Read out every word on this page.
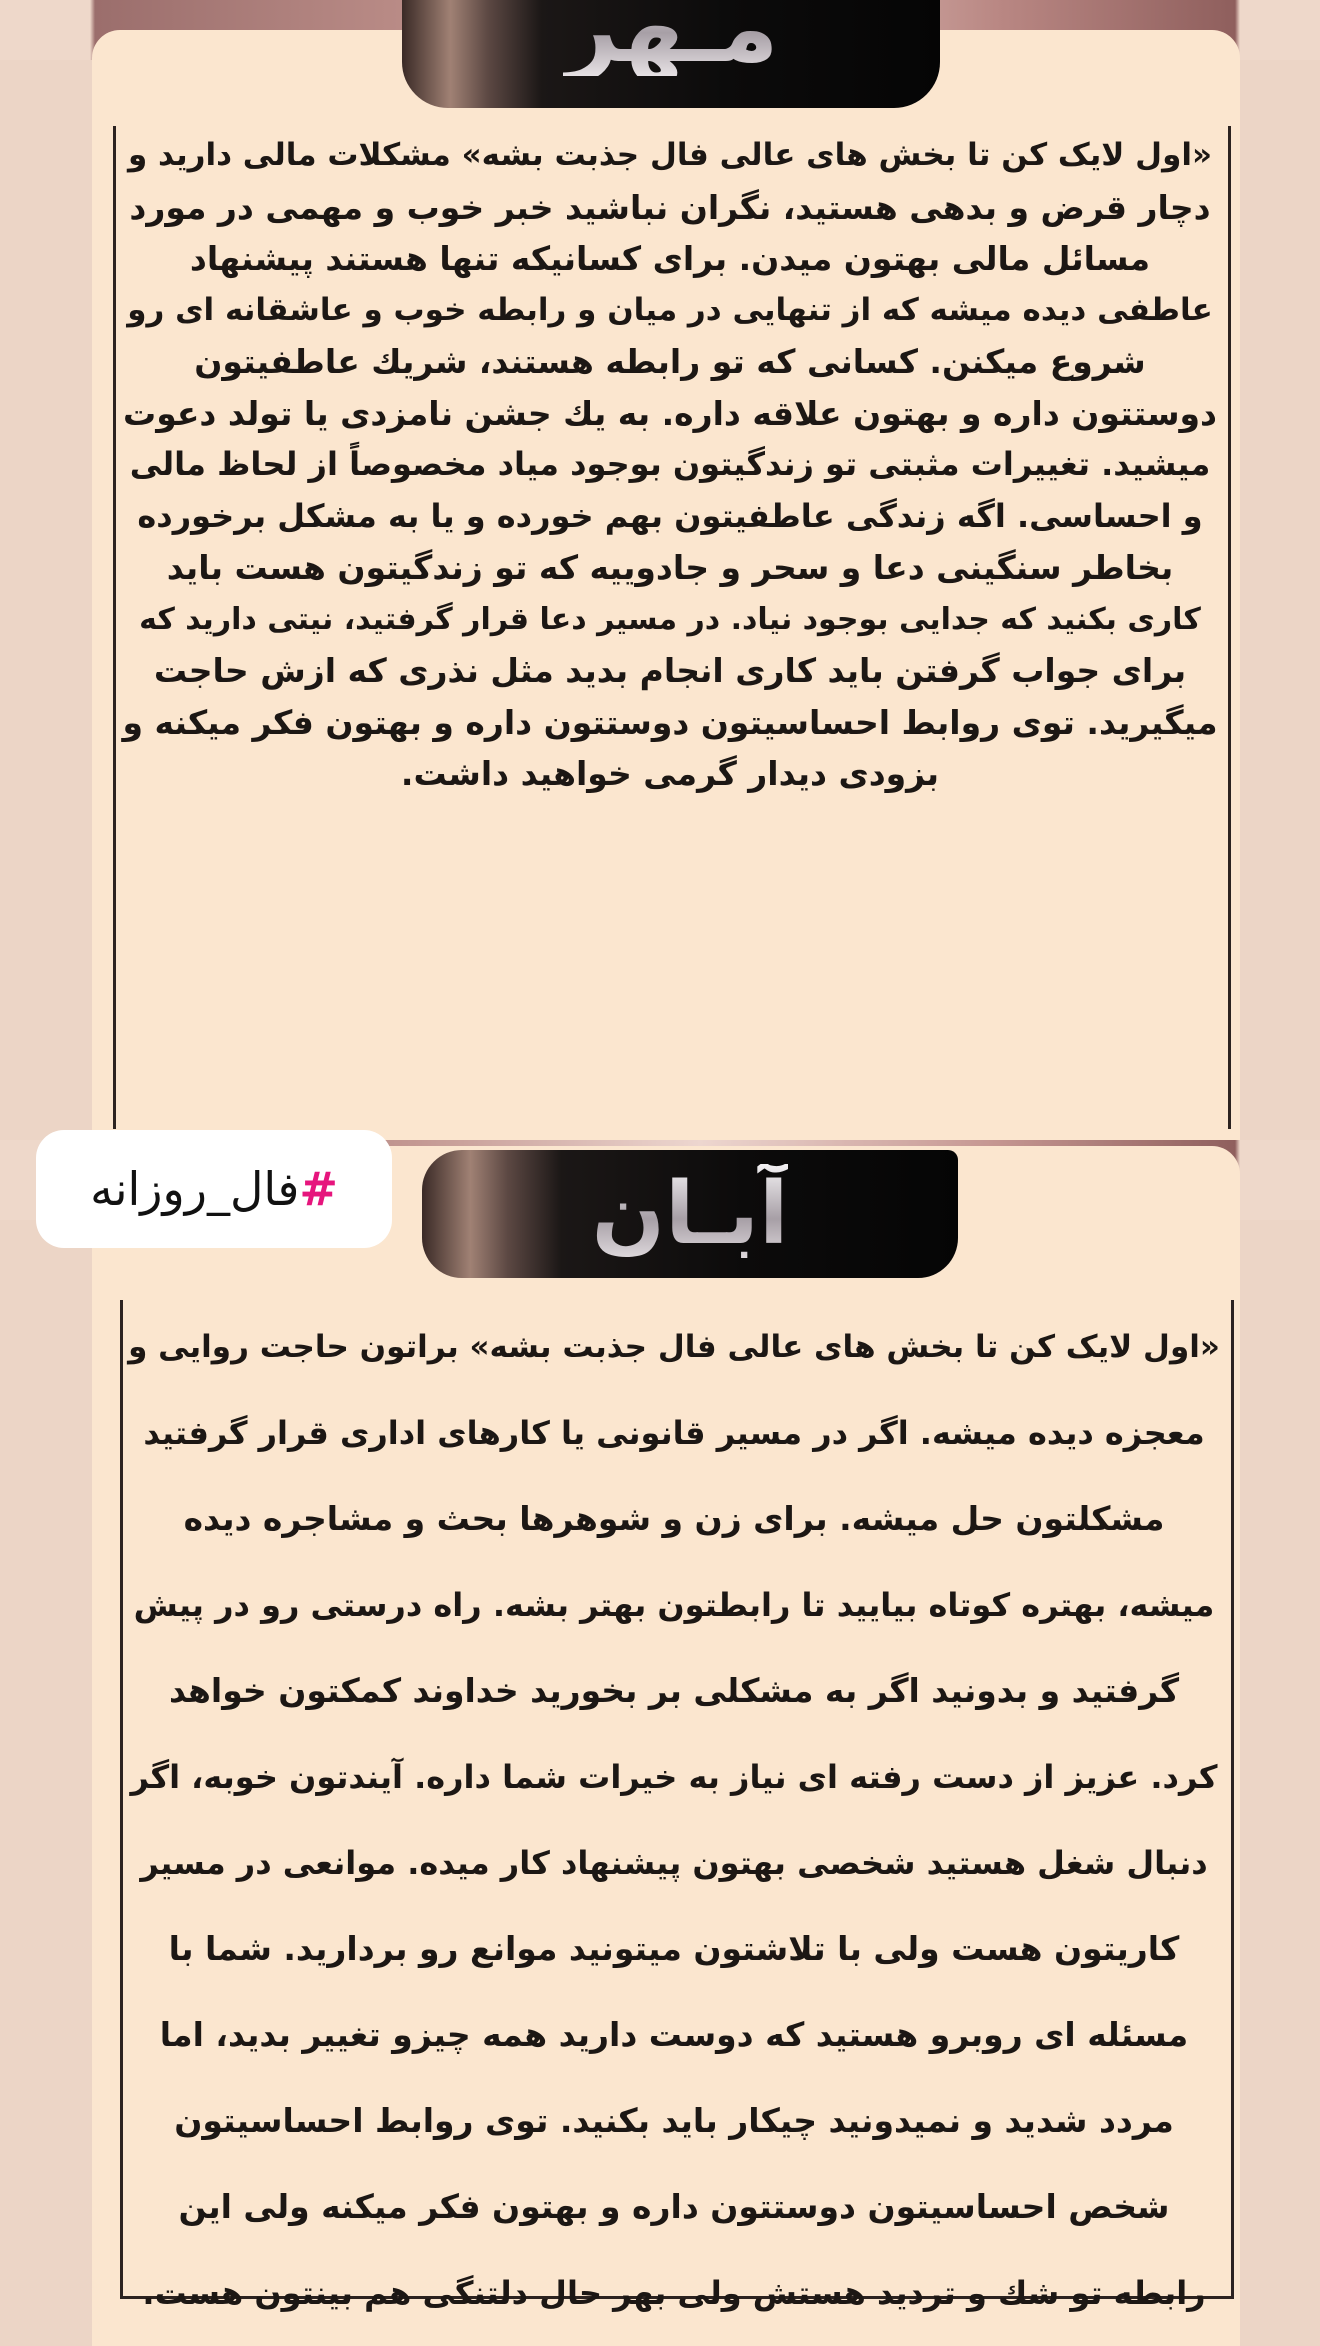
مـهر
«اول لایک کن تا بخش های عالی فال جذبت بشه» مشکلات مالی دارید و
دچار قرض و بدهی هستید، نگران نباشید خبر خوب و مهمی در مورد
مسائل مالی بهتون میدن. برای کسانیکه تنها هستند پیشنهاد
عاطفی دیده میشه که از تنهایی در میان و رابطه خوب و عاشقانه ای رو
شروع میکنن. کسانی که تو رابطه هستند، شريك عاطفیتون
دوستتون داره و بهتون علاقه داره. به يك جشن نامزدی یا تولد دعوت
میشید. تغییرات مثبتی تو زندگیتون بوجود میاد مخصوصاً از لحاظ مالی
و احساسی. اگه زندگی عاطفیتون بهم خورده و یا به مشکل برخورده
بخاطر سنگینی دعا و سحر و جادوییه که تو زندگیتون هست باید
کاری بکنید که جدایی بوجود نیاد. در مسیر دعا قرار گرفتید، نیتی دارید که
برای جواب گرفتن باید کاری انجام بدید مثل نذری که ازش حاجت
میگیرید. توی روابط احساسیتون دوستتون داره و بهتون فکر میکنه و
بزودی دیدار گرمی خواهید داشت.
آبـان
«اول لایک کن تا بخش های عالی فال جذبت بشه» براتون حاجت روایی و
معجزه دیده میشه. اگر در مسیر قانونی یا کارهای اداری قرار گرفتید
مشکلتون حل میشه. برای زن و شوهرها بحث و مشاجره دیده
میشه، بهتره کوتاه بیایید تا رابطتون بهتر بشه. راه درستی رو در پیش
گرفتید و بدونید اگر به مشکلی بر بخورید خداوند کمکتون خواهد
کرد. عزیز از دست رفته ای نیاز به خیرات شما داره. آیندتون خوبه، اگر
دنبال شغل هستید شخصی بهتون پیشنهاد کار میده. موانعی در مسیر
کاریتون هست ولی با تلاشتون میتونید موانع رو بردارید. شما با
مسئله ای روبرو هستید که دوست دارید همه چیزو تغییر بدید، اما
مردد شدید و نمیدونید چیکار باید بکنید. توی روابط احساسیتون
شخص احساسیتون دوستتون داره و بهتون فکر میکنه ولی این
رابطه تو شك و تردید هستش ولی بهر حال دلتنگی هم بینتون هست.
#
فال_روزانه
